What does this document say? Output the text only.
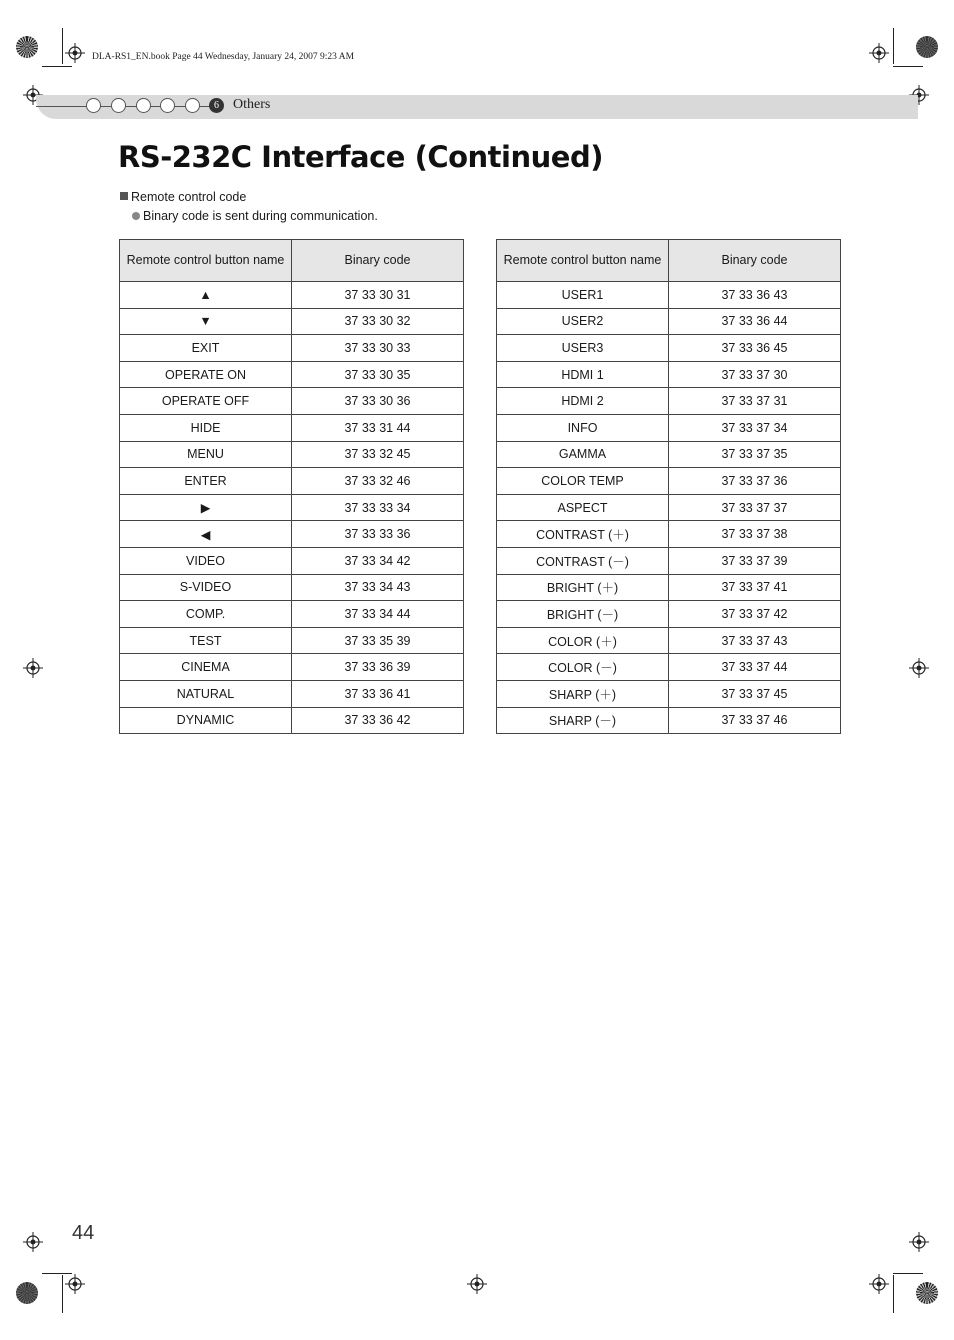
DLA-RS1_EN.book Page 44 Wednesday, January 24, 2007 9:23 AM
6	Others
RS-232C Interface (Continued)
Remote control code
Binary code is sent during communication.
Remote control button name	Binary code
▲	37 33 30 31
▼	37 33 30 32
EXIT	37 33 30 33
OPERATE ON	37 33 30 35
OPERATE OFF	37 33 30 36
HIDE	37 33 31 44
MENU	37 33 32 45
ENTER	37 33 32 46
▶	37 33 33 34
◀	37 33 33 36
VIDEO	37 33 34 42
S-VIDEO	37 33 34 43
COMP.	37 33 34 44
TEST	37 33 35 39
CINEMA	37 33 36 39
NATURAL	37 33 36 41
DYNAMIC	37 33 36 42
Remote control button name	Binary code
USER1	37 33 36 43
USER2	37 33 36 44
USER3	37 33 36 45
HDMI 1	37 33 37 30
HDMI 2	37 33 37 31
INFO	37 33 37 34
GAMMA	37 33 37 35
COLOR TEMP	37 33 37 36
ASPECT	37 33 37 37
CONTRAST (＋)	37 33 37 38
CONTRAST (－)	37 33 37 39
BRIGHT (＋)	37 33 37 41
BRIGHT (－)	37 33 37 42
COLOR (＋)	37 33 37 43
COLOR (－)	37 33 37 44
SHARP (＋)	37 33 37 45
SHARP (－)	37 33 37 46
44
